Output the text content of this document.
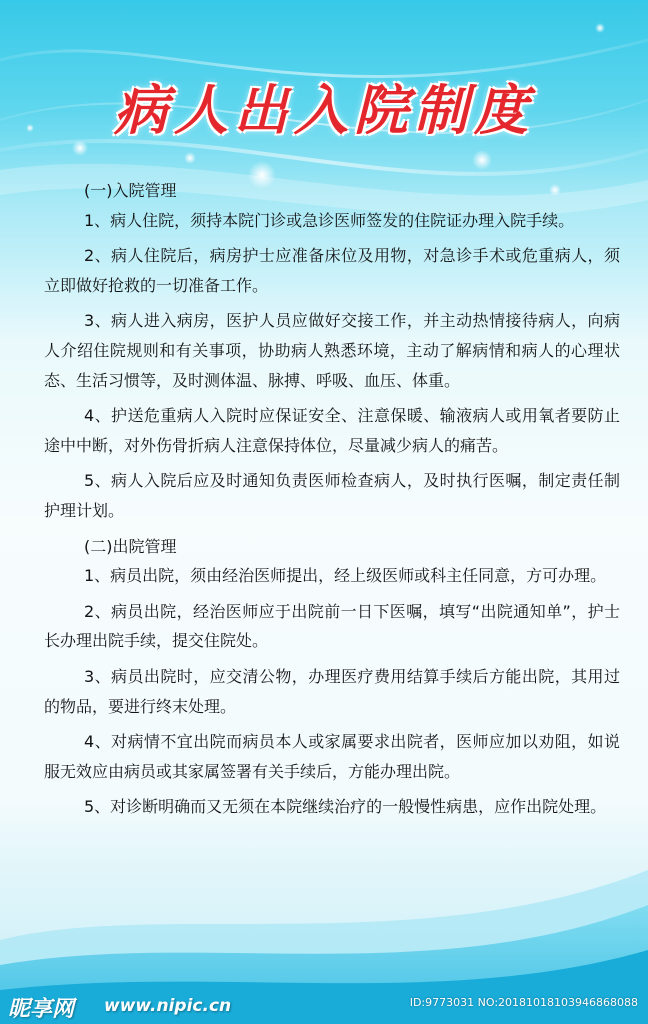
病人出入院制度

(一)入院管理

1、病人住院，须持本院门诊或急诊医师签发的住院证办理入院手续。

2、病人住院后，病房护士应准备床位及用物，对急诊手术或危重病人，须立即做好抢救的一切准备工作。

3、病人进入病房，医护人员应做好交接工作，并主动热情接待病人，向病人介绍住院规则和有关事项，协助病人熟悉环境，主动了解病情和病人的心理状态、生活习惯等，及时测体温、脉搏、呼吸、血压、体重。

4、护送危重病人入院时应保证安全、注意保暖、输液病人或用氧者要防止途中中断，对外伤骨折病人注意保持体位，尽量减少病人的痛苦。

5、病人入院后应及时通知负责医师检查病人，及时执行医嘱，制定责任制护理计划。

(二)出院管理

1、病员出院，须由经治医师提出，经上级医师或科主任同意，方可办理。

2、病员出院，经治医师应于出院前一日下医嘱，填写“出院通知单”，护士长办理出院手续，提交住院处。

3、病员出院时，应交清公物，办理医疗费用结算手续后方能出院，其用过的物品，要进行终末处理。

4、对病情不宜出院而病员本人或家属要求出院者，医师应加以劝阻，如说服无效应由病员或其家属签署有关手续后，方能办理出院。

5、对诊断明确而又无须在本院继续治疗的一般慢性病患，应作出院处理。

昵享网 www.nipic.cn	ID:9773031 NO:20181018103946868088
